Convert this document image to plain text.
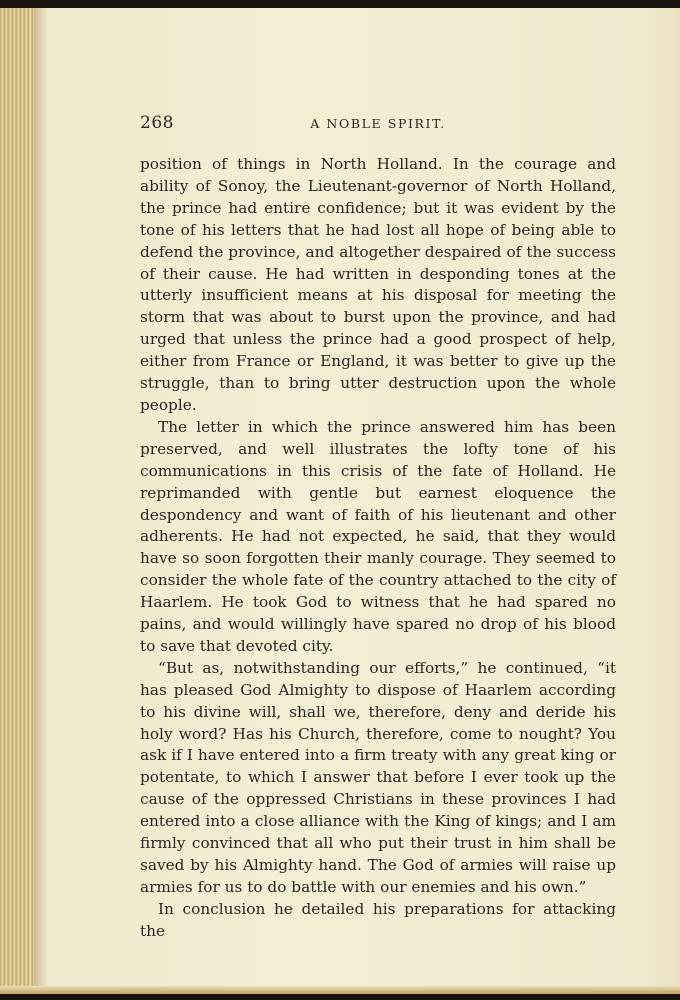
268	A NOBLE SPIRIT.

position of things in North Holland. In the courage and ability of Sonoy, the Lieutenant-governor of North Holland, the prince had entire confidence; but it was evident by the tone of his letters that he had lost all hope of being able to defend the province, and altogether despaired of the success of their cause. He had written in desponding tones at the utterly insufficient means at his disposal for meeting the storm that was about to burst upon the province, and had urged that unless the prince had a good prospect of help, either from France or England, it was better to give up the struggle, than to bring utter destruction upon the whole people.

The letter in which the prince answered him has been preserved, and well illustrates the lofty tone of his communications in this crisis of the fate of Holland. He reprimanded with gentle but earnest eloquence the despondency and want of faith of his lieutenant and other adherents. He had not expected, he said, that they would have so soon forgotten their manly courage. They seemed to consider the whole fate of the country attached to the city of Haarlem. He took God to witness that he had spared no pains, and would willingly have spared no drop of his blood to save that devoted city.

“But as, notwithstanding our efforts,” he continued, “it has pleased God Almighty to dispose of Haarlem according to his divine will, shall we, therefore, deny and deride his holy word? Has his Church, therefore, come to nought? You ask if I have entered into a firm treaty with any great king or potentate, to which I answer that before I ever took up the cause of the oppressed Christians in these provinces I had entered into a close alliance with the King of kings; and I am firmly convinced that all who put their trust in him shall be saved by his Almighty hand. The God of armies will raise up armies for us to do battle with our enemies and his own.”

In conclusion he detailed his preparations for attacking the
